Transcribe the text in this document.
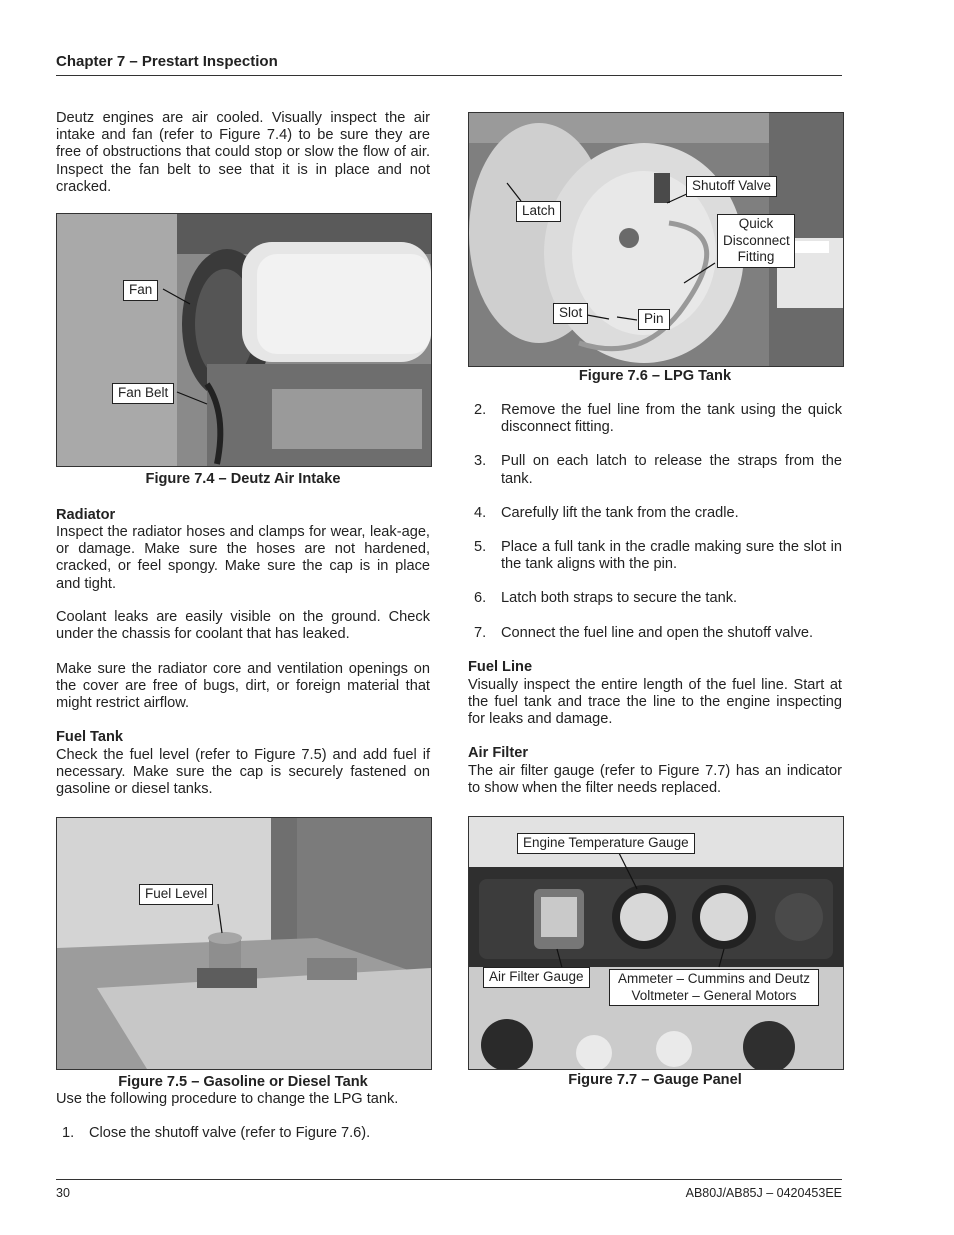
Chapter 7 – Prestart Inspection

Deutz engines are air cooled. Visually inspect the air intake and fan (refer to Figure 7.4) to be sure they are free of obstructions that could stop or slow the flow of air. Inspect the fan belt to see that it is in place and not cracked.

Fan
Fan Belt
Figure 7.4 – Deutz Air Intake
Radiator

Inspect the radiator hoses and clamps for wear, leak-age, or damage. Make sure the hoses are not hardened, cracked, or feel spongy. Make sure the cap is in place and tight.

Coolant leaks are easily visible on the ground. Check under the chassis for coolant that has leaked.

Make sure the radiator core and ventilation openings on the cover are free of bugs, dirt, or foreign material that might restrict airflow.

Fuel Tank

Check the fuel level (refer to Figure 7.5) and add fuel if necessary. Make sure the cap is securely fastened on gasoline or diesel tanks.

Fuel Level
Figure 7.5 – Gasoline or Diesel Tank

Use the following procedure to change the LPG tank.

1.	Close the shutoff valve (refer to Figure 7.6).
Latch
Shutoff Valve
Quick Disconnect Fitting
Slot	Pin
Figure 7.6 – LPG Tank
2.	Remove the fuel line from the tank using the quick disconnect fitting.
3.	Pull on each latch to release the straps from the tank.
4.	Carefully lift the tank from the cradle.
5.	Place a full tank in the cradle making sure the slot in the tank aligns with the pin.
6.	Latch both straps to secure the tank.
7.	Connect the fuel line and open the shutoff valve.
Fuel Line

Visually inspect the entire length of the fuel line. Start at the fuel tank and trace the line to the engine inspecting for leaks and damage.

Air Filter

The air filter gauge (refer to Figure 7.7) has an indicator to show when the filter needs replaced.

Engine Temperature Gauge
Air Filter Gauge	Ammeter – Cummins and Deutz
Voltmeter – General Motors
Figure 7.7 – Gauge Panel
30	AB80J/AB85J – 0420453EE
